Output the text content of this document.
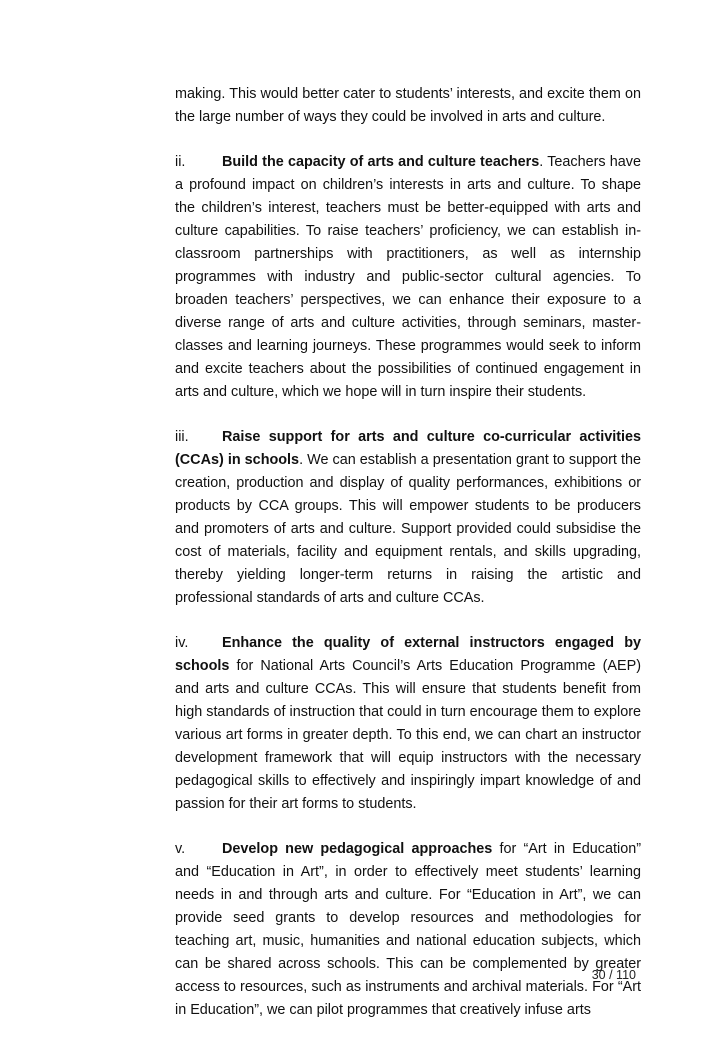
making. This would better cater to students’ interests, and excite them on the large number of ways they could be involved in arts and culture.

ii.	Build the capacity of arts and culture teachers. Teachers have a profound impact on children’s interests in arts and culture. To shape the children’s interest, teachers must be better-equipped with arts and culture capabilities. To raise teachers’ proficiency, we can establish in-classroom partnerships with practitioners, as well as internship programmes with industry and public-sector cultural agencies. To broaden teachers’ perspectives, we can enhance their exposure to a diverse range of arts and culture activities, through seminars, master-classes and learning journeys. These programmes would seek to inform and excite teachers about the possibilities of continued engagement in arts and culture, which we hope will in turn inspire their students.

iii. Raise support for arts and culture co-curricular activities (CCAs) in schools. We can establish a presentation grant to support the creation, production and display of quality performances, exhibitions or products by CCA groups. This will empower students to be producers and promoters of arts and culture. Support provided could subsidise the cost of materials, facility and equipment rentals, and skills upgrading, thereby yielding longer-term returns in raising the artistic and professional standards of arts and culture CCAs.

iv. Enhance the quality of external instructors engaged by schools for National Arts Council’s Arts Education Programme (AEP) and arts and culture CCAs. This will ensure that students benefit from high standards of instruction that could in turn encourage them to explore various art forms in greater depth. To this end, we can chart an instructor development framework that will equip instructors with the necessary pedagogical skills to effectively and inspiringly impart knowledge of and passion for their art forms to students.

v.	Develop new pedagogical approaches for “Art in Education” and “Education in Art”, in order to effectively meet students’ learning needs in and through arts and culture. For “Education in Art”, we can provide seed grants to develop resources and methodologies for teaching art, music, humanities and national education subjects, which can be shared across schools. This can be complemented by greater access to resources, such as instruments and archival materials. For “Art in Education”, we can pilot programmes that creatively infuse arts

30 / 110
